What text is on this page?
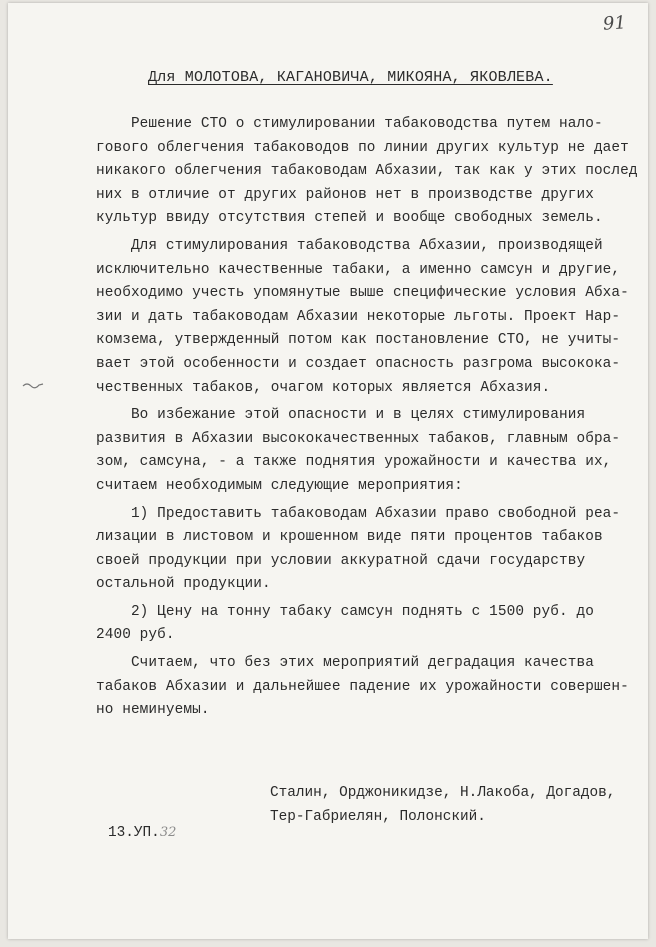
91
Для МОЛОТОВА, КАГАНОВИЧА, МИКОЯНА, ЯКОВЛЕВА.
Решение СТО о стимулировании табаководства путем нало-
гового облегчения табаководов по линии других культур не дает
никакого облегчения табаководам Абхазии, так как у этих послед
них в отличие от других районов нет в производстве других
культур ввиду отсутствия степей и вообще свободных земель.
Для стимулирования табаководства Абхазии, производящей
исключительно качественные табаки, а именно самсун и другие,
необходимо учесть упомянутые выше специфические условия Абха-
зии и дать табаководам Абхазии некоторые льготы. Проект Нар-
комзема, утвержденный потом как постановление СТО, не учиты-
вает этой особенности и создает опасность разгрома высокока-
чественных табаков, очагом которых является Абхазия.
Во избежание этой опасности и в целях стимулирования
развития в Абхазии высококачественных табаков, главным обра-
зом, самсуна, - а также поднятия урожайности и качества их,
считаем необходимым следующие мероприятия:
1) Предоставить табаководам Абхазии право свободной реа-
лизации в листовом и крошенном виде пяти процентов табаков
своей продукции при условии аккуратной сдачи государству
остальной продукции.
2) Цену на тонну табаку самсун поднять с 1500 руб. до
2400 руб.
Считаем, что без этих мероприятий деградация качества
табаков Абхазии и дальнейшее падение их урожайности совершен-
но неминуемы.
Сталин, Орджоникидзе, Н.Лакоба, Догадов,
Тер-Габриелян, Полонский.
13.УП.32
